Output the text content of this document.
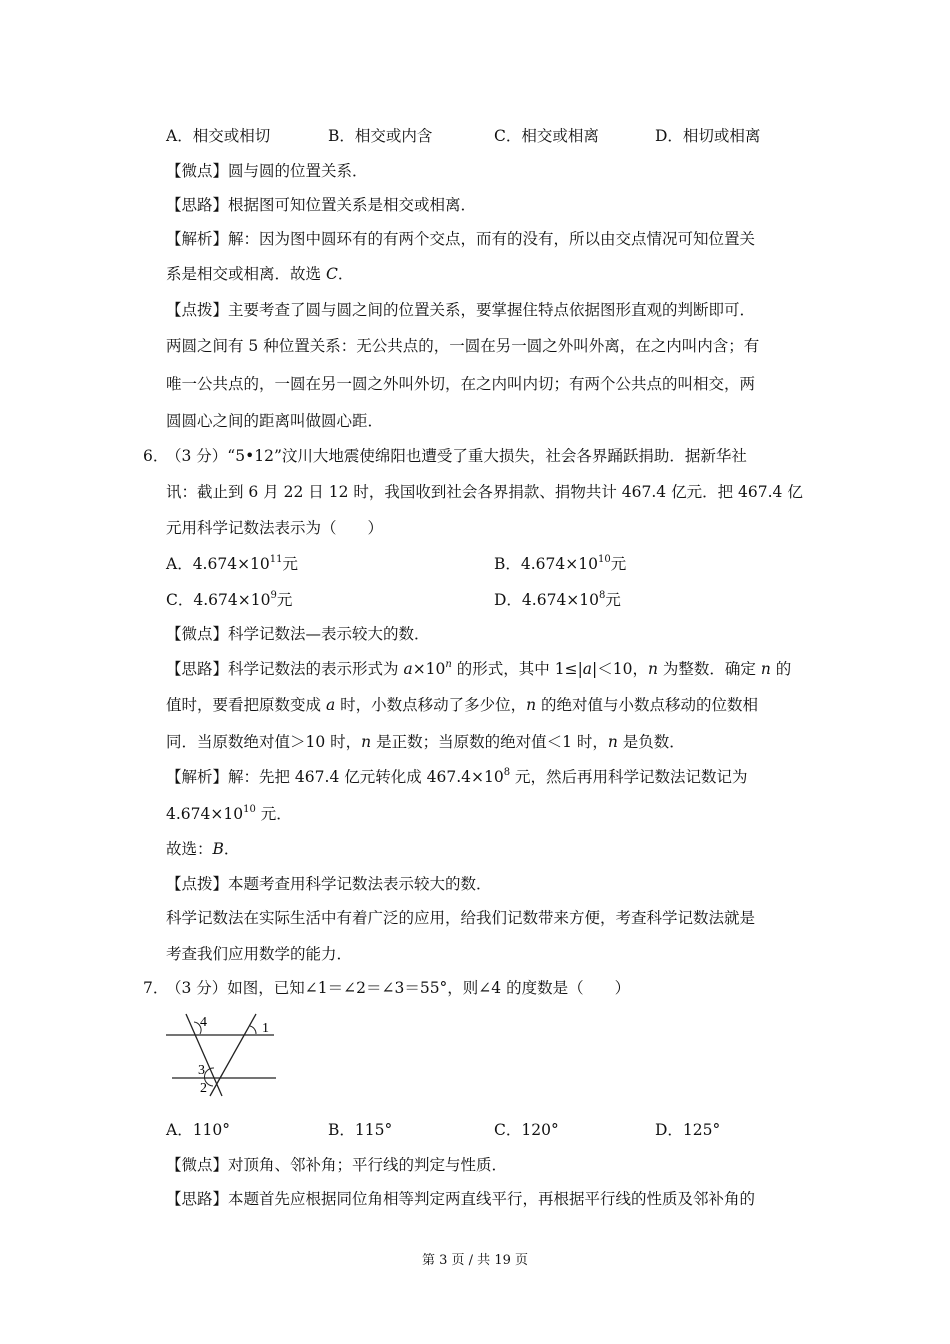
A．相交或相切	B．相交或内含	C．相交或相离	D．相切或相离
【微点】圆与圆的位置关系．
【思路】根据图可知位置关系是相交或相离．
【解析】解：因为图中圆环有的有两个交点，而有的没有，所以由交点情况可知位置关
系是相交或相离．故选 C．
【点拨】主要考查了圆与圆之间的位置关系，要掌握住特点依据图形直观的判断即可．
两圆之间有 5 种位置关系：无公共点的，一圆在另一圆之外叫外离，在之内叫内含；有
唯一公共点的，一圆在另一圆之外叫外切，在之内叫内切；有两个公共点的叫相交，两
圆圆心之间的距离叫做圆心距．
6．
（3 分）“5•12”汶川大地震使绵阳也遭受了重大损失，社会各界踊跃捐助．据新华社
讯：截止到 6 月 22 日 12 时，我国收到社会各界捐款、捐物共计 467.4 亿元．把 467.4 亿
元用科学记数法表示为（　　）
A．$4.674\times 10^{11}$元	B．$4.674\times 10^{10}$元
C．$4.674\times 10^9$元	D．$4.674\times 10^8$元
【微点】科学记数法—表示较大的数．
【思路】科学记数法的表示形式为 $a\times 10^n$ 的形式，其中 1≤|a|＜10，n 为整数．确定 n 的
值时，要看把原数变成 a 时，小数点移动了多少位，n 的绝对值与小数点移动的位数相
同．当原数绝对值＞10 时，n 是正数；当原数的绝对值＜1 时，n 是负数．
【解析】解：先把 467.4 亿元转化成 $467.4\times 10^8$ 元，然后再用科学记数法记数记为
$4.674\times 10^{10}$ 元．
故选：B．
【点拨】本题考查用科学记数法表示较大的数．
科学记数法在实际生活中有着广泛的应用，给我们记数带来方便，考查科学记数法就是
考查我们应用数学的能力．
7．
（3 分）如图，已知∠1＝∠2＝∠3＝55°，则∠4 的度数是（　　）
4	1
3
2
A．110°	B．115°	C．120°	D．125°
【微点】对顶角、邻补角；平行线的判定与性质．
【思路】本题首先应根据同位角相等判定两直线平行，再根据平行线的性质及邻补角的
第 3 页 / 共 19 页
